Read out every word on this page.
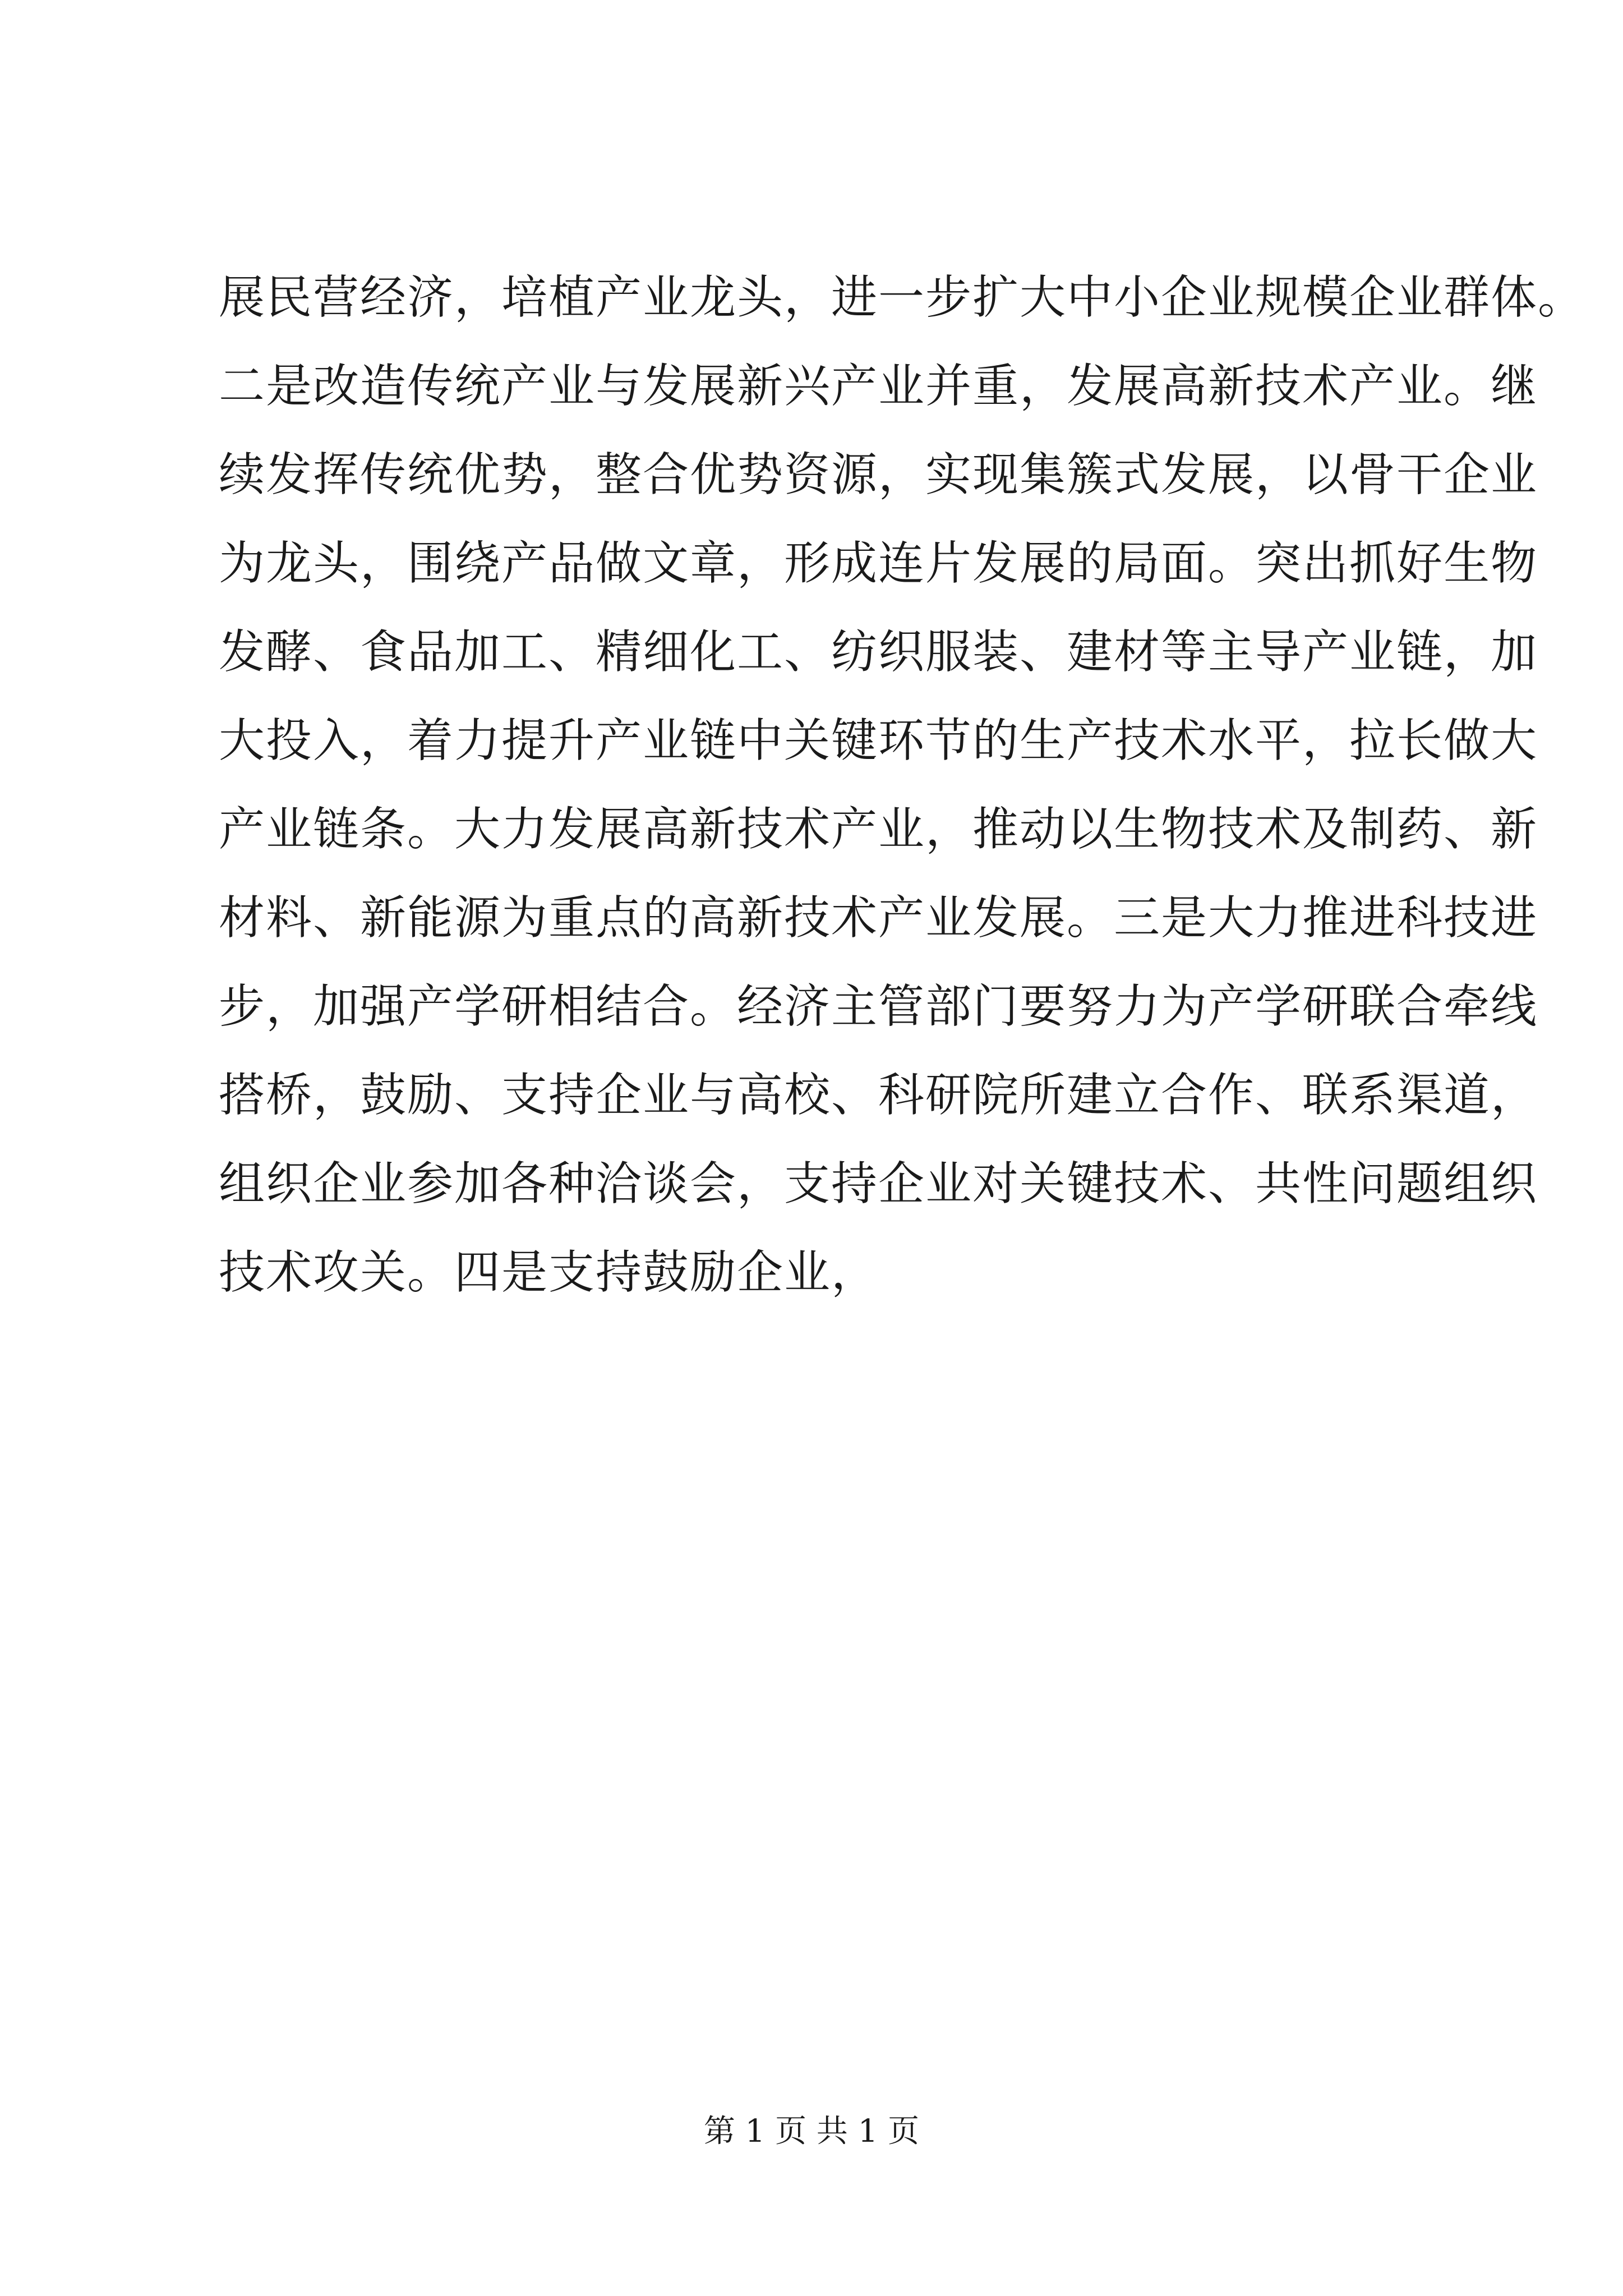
展民营经济，培植产业龙头，进一步扩大中小企业规模企业群体。
二是改造传统产业与发展新兴产业并重，发展高新技术产业。继
续发挥传统优势，整合优势资源，实现集簇式发展，以骨干企业
为龙头，围绕产品做文章，形成连片发展的局面。突出抓好生物
发酵、食品加工、精细化工、纺织服装、建材等主导产业链，加
大投入，着力提升产业链中关键环节的生产技术水平，拉长做大
产业链条。大力发展高新技术产业，推动以生物技术及制药、新
材料、新能源为重点的高新技术产业发展。三是大力推进科技进
步，加强产学研相结合。经济主管部门要努力为产学研联合牵线
搭桥，鼓励、支持企业与高校、科研院所建立合作、联系渠道，
组织企业参加各种洽谈会，支持企业对关键技术、共性问题组织
技术攻关。四是支持鼓励企业，
第 1 页 共 1 页
